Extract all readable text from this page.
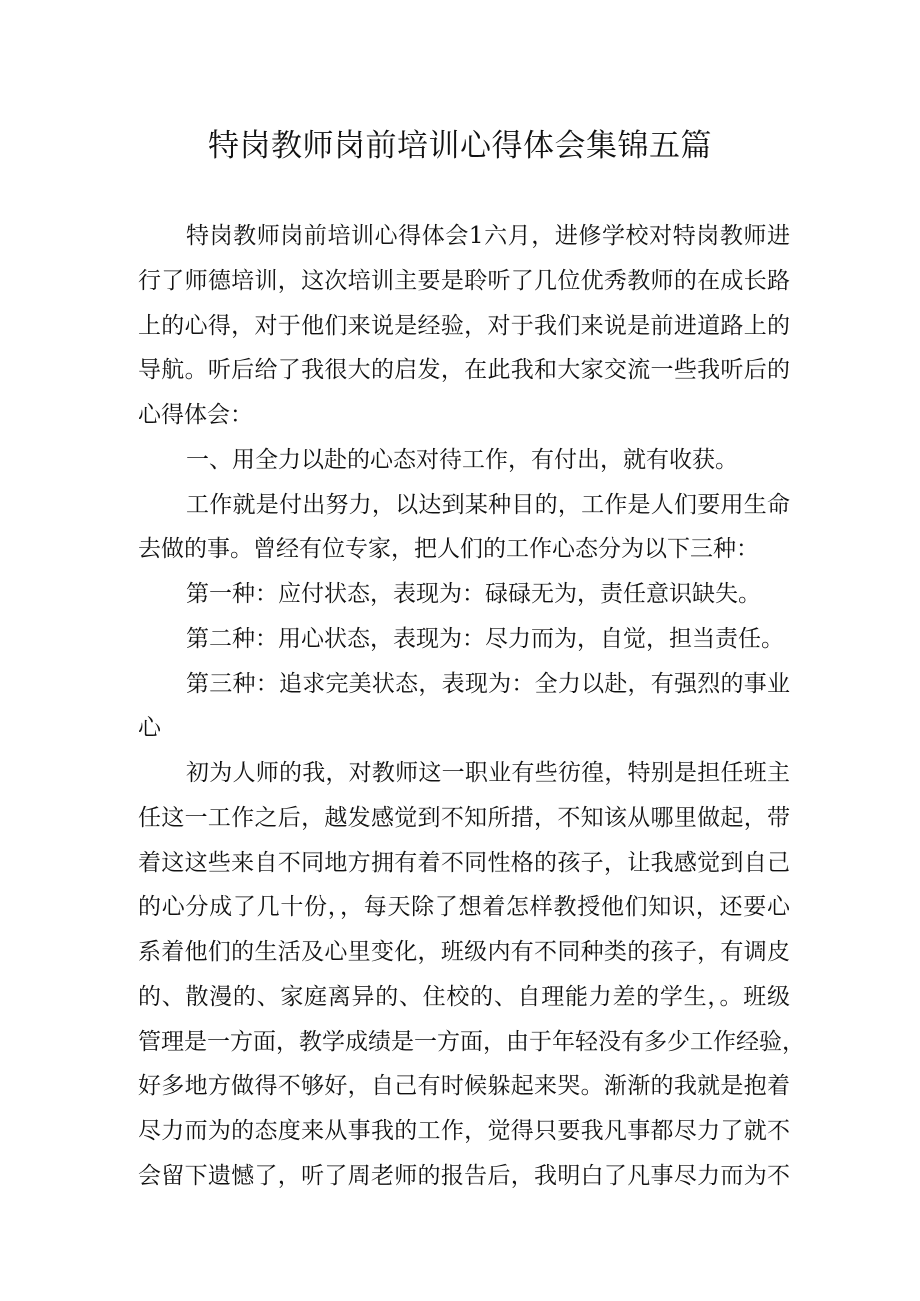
特岗教师岗前培训心得体会集锦五篇
特岗教师岗前培训心得体会1六月，进修学校对特岗教师进
行了师德培训，这次培训主要是聆听了几位优秀教师的在成长路
上的心得，对于他们来说是经验，对于我们来说是前进道路上的
导航。听后给了我很大的启发，在此我和大家交流一些我听后的
心得体会：
一、用全力以赴的心态对待工作，有付出，就有收获。
工作就是付出努力，以达到某种目的，工作是人们要用生命
去做的事。曾经有位专家，把人们的工作心态分为以下三种：
第一种：应付状态，表现为：碌碌无为，责任意识缺失。
第二种：用心状态，表现为：尽力而为，自觉，担当责任。
第三种：追求完美状态，表现为：全力以赴，有强烈的事业
心
初为人师的我，对教师这一职业有些彷徨，特别是担任班主
任这一工作之后，越发感觉到不知所措，不知该从哪里做起，带
着这这些来自不同地方拥有着不同性格的孩子，让我感觉到自己
的心分成了几十份，，每天除了想着怎样教授他们知识，还要心
系着他们的生活及心里变化，班级内有不同种类的孩子，有调皮
的、散漫的、家庭离异的、住校的、自理能力差的学生，。班级
管理是一方面，教学成绩是一方面，由于年轻没有多少工作经验，
好多地方做得不够好，自己有时候躲起来哭。渐渐的我就是抱着
尽力而为的态度来从事我的工作，觉得只要我凡事都尽力了就不
会留下遗憾了，听了周老师的报告后，我明白了凡事尽力而为不
